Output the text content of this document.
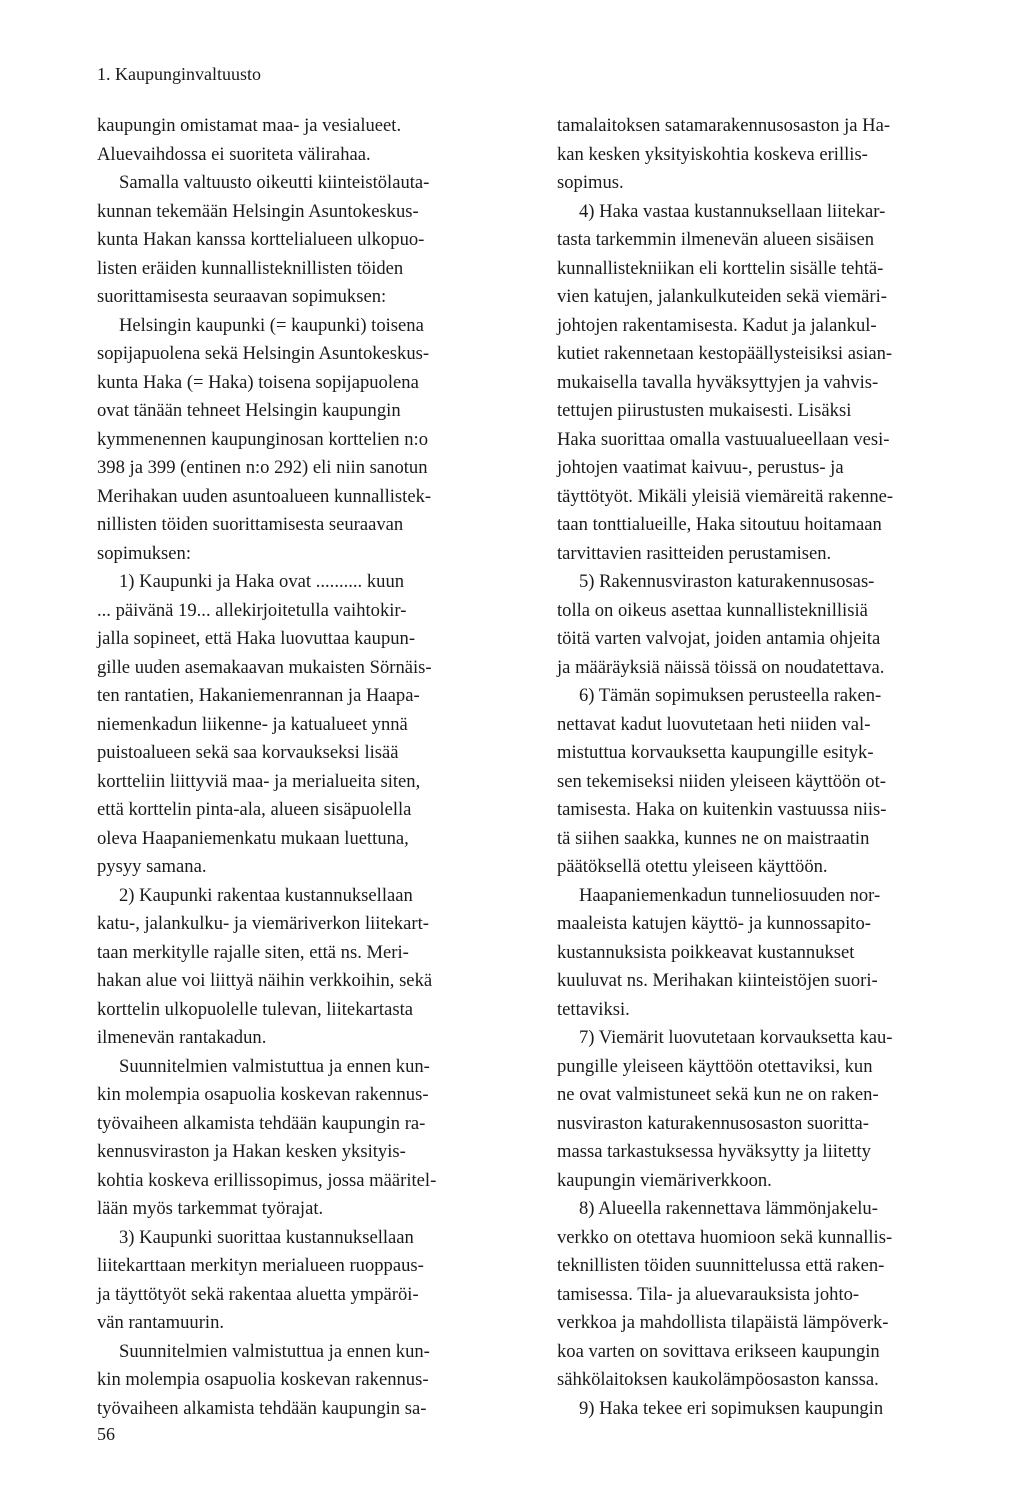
1. Kaupunginvaltuusto
kaupungin omistamat maa- ja vesialueet.
Aluevaihdossa ei suoriteta välirahaa.
Samalla valtuusto oikeutti kiinteistölauta-
kunnan tekemään Helsingin Asuntokeskus-
kunta Hakan kanssa korttelialueen ulkopuo-
listen eräiden kunnallisteknillisten töiden
suorittamisesta seuraavan sopimuksen:
Helsingin kaupunki (= kaupunki) toisena
sopijapuolena sekä Helsingin Asuntokeskus-
kunta Haka (= Haka) toisena sopijapuolena
ovat tänään tehneet Helsingin kaupungin
kymmenennen kaupunginosan korttelien n:o
398 ja 399 (entinen n:o 292) eli niin sanotun
Merihakan uuden asuntoalueen kunnallistek-
nillisten töiden suorittamisesta seuraavan
sopimuksen:
1) Kaupunki ja Haka ovat .......... kuun
... päivänä 19... allekirjoitetulla vaihtokir-
jalla sopineet, että Haka luovuttaa kaupun-
gille uuden asemakaavan mukaisten Sörnäis-
ten rantatien, Hakaniemenrannan ja Haapa-
niemenkadun liikenne- ja katualueet ynnä
puistoalueen sekä saa korvaukseksi lisää
kortteliin liittyviä maa- ja merialueita siten,
että korttelin pinta-ala, alueen sisäpuolella
oleva Haapaniemenkatu mukaan luettuna,
pysyy samana.
2) Kaupunki rakentaa kustannuksellaan
katu-, jalankulku- ja viemäriverkon liitekart-
taan merkitylle rajalle siten, että ns. Meri-
hakan alue voi liittyä näihin verkkoihin, sekä
korttelin ulkopuolelle tulevan, liitekartasta
ilmenevän rantakadun.
Suunnitelmien valmistuttua ja ennen kun-
kin molempia osapuolia koskevan rakennus-
työvaiheen alkamista tehdään kaupungin ra-
kennusviraston ja Hakan kesken yksityis-
kohtia koskeva erillissopimus, jossa määritel-
lään myös tarkemmat työrajat.
3) Kaupunki suorittaa kustannuksellaan
liitekarttaan merkityn merialueen ruoppaus-
ja täyttötyöt sekä rakentaa aluetta ympäröi-
vän rantamuurin.
Suunnitelmien valmistuttua ja ennen kun-
kin molempia osapuolia koskevan rakennus-
työvaiheen alkamista tehdään kaupungin sa-
tamalaitoksen satamarakennusosaston ja Ha-
kan kesken yksityiskohtia koskeva erillis-
sopimus.
4) Haka vastaa kustannuksellaan liitekar-
tasta tarkemmin ilmenevän alueen sisäisen
kunnallistekniikan eli korttelin sisälle tehtä-
vien katujen, jalankulkuteiden sekä viemäri-
johtojen rakentamisesta. Kadut ja jalankul-
kutiet rakennetaan kestopäällysteisiksi asian-
mukaisella tavalla hyväksyttyjen ja vahvis-
tettujen piirustusten mukaisesti. Lisäksi
Haka suorittaa omalla vastuualueellaan vesi-
johtojen vaatimat kaivuu-, perustus- ja
täyttötyöt. Mikäli yleisiä viemäreitä rakenne-
taan tonttialueille, Haka sitoutuu hoitamaan
tarvittavien rasitteiden perustamisen.
5) Rakennusviraston katurakennusosas-
tolla on oikeus asettaa kunnallisteknillisiä
töitä varten valvojat, joiden antamia ohjeita
ja määräyksiä näissä töissä on noudatettava.
6) Tämän sopimuksen perusteella raken-
nettavat kadut luovutetaan heti niiden val-
mistuttua korvauksetta kaupungille esityk-
sen tekemiseksi niiden yleiseen käyttöön ot-
tamisesta. Haka on kuitenkin vastuussa niis-
tä siihen saakka, kunnes ne on maistraatin
päätöksellä otettu yleiseen käyttöön.
Haapaniemenkadun tunneliosuuden nor-
maaleista katujen käyttö- ja kunnossapito-
kustannuksista poikkeavat kustannukset
kuuluvat ns. Merihakan kiinteistöjen suori-
tettaviksi.
7) Viemärit luovutetaan korvauksetta kau-
pungille yleiseen käyttöön otettaviksi, kun
ne ovat valmistuneet sekä kun ne on raken-
nusviraston katurakennusosaston suoritta-
massa tarkastuksessa hyväksytty ja liitetty
kaupungin viemäriverkkoon.
8) Alueella rakennettava lämmönjakelu-
verkko on otettava huomioon sekä kunnallis-
teknillisten töiden suunnittelussa että raken-
tamisessa. Tila- ja aluevarauksista johto-
verkkoa ja mahdollista tilapäistä lämpöverk-
koa varten on sovittava erikseen kaupungin
sähkölaitoksen kaukolämpöosaston kanssa.
9) Haka tekee eri sopimuksen kaupungin
56
